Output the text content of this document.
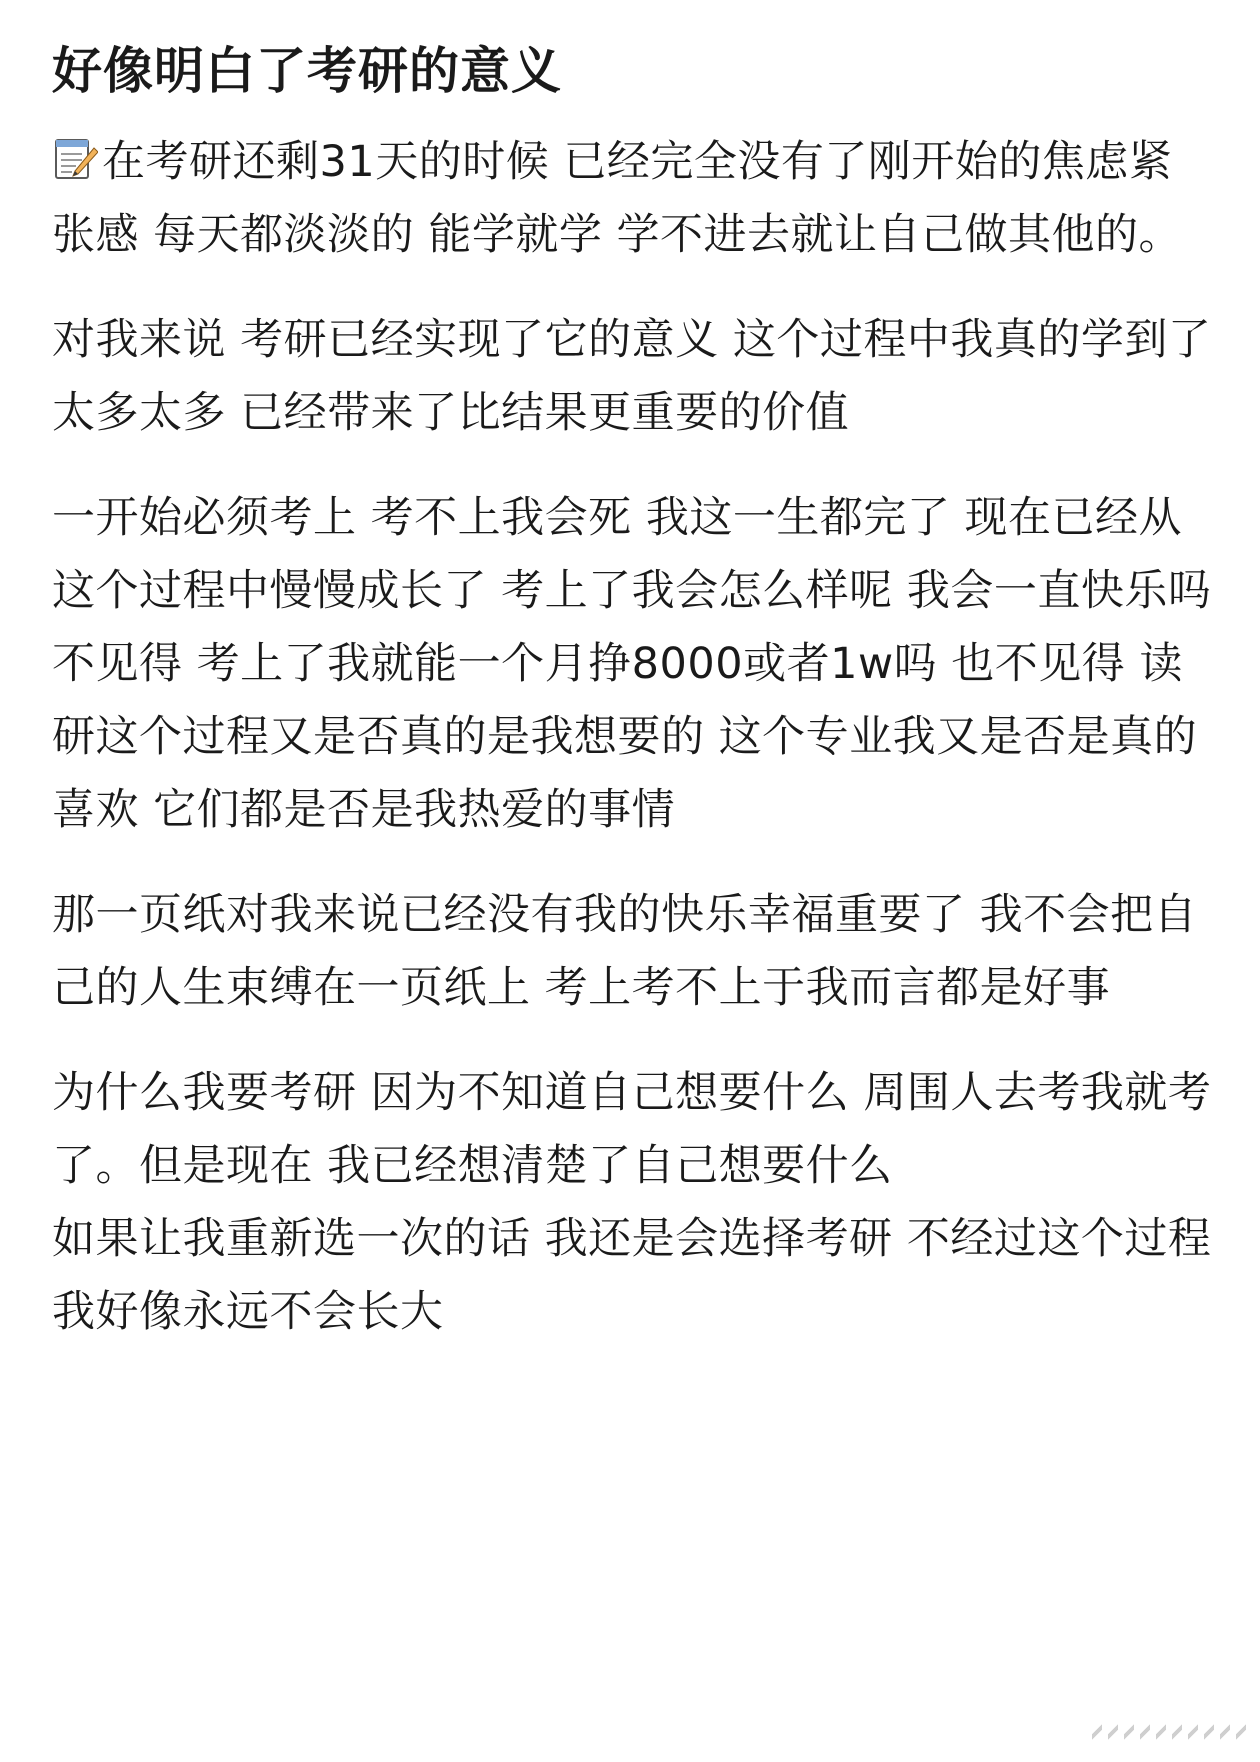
好像明白了考研的意义

在考研还剩31天的时候 已经完全没有了刚开始的焦虑紧张感 每天都淡淡的 能学就学 学不进去就让自己做其他的。

对我来说 考研已经实现了它的意义 这个过程中我真的学到了太多太多 已经带来了比结果更重要的价值

一开始必须考上 考不上我会死 我这一生都完了 现在已经从这个过程中慢慢成长了 考上了我会怎么样呢 我会一直快乐吗 不见得 考上了我就能一个月挣8000或者1w吗 也不见得 读研这个过程又是否真的是我想要的 这个专业我又是否是真的喜欢 它们都是否是我热爱的事情

那一页纸对我来说已经没有我的快乐幸福重要了 我不会把自己的人生束缚在一页纸上 考上考不上于我而言都是好事

为什么我要考研 因为不知道自己想要什么 周围人去考我就考了。但是现在 我已经想清楚了自己想要什么

如果让我重新选一次的话 我还是会选择考研 不经过这个过程 我好像永远不会长大
